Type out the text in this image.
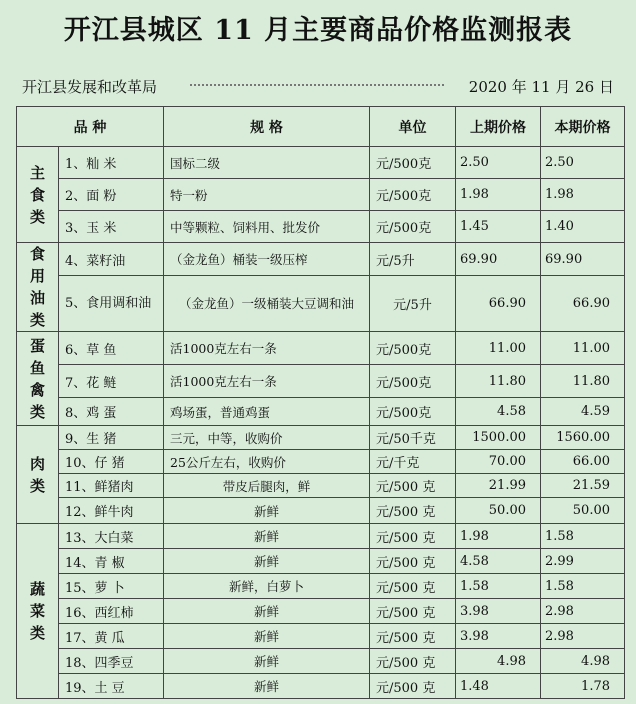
开江县城区 11 月主要商品价格监测报表
开江县发展和改革局	2020 年 11 月 26 日
品 种		规 格	单位	上期价格	本期价格

主
食
类	1、籼 米	国标二级	元/500克	2.50	2.50
	2、面 粉	特一粉	元/500克	1.98	1.98
	3、玉 米	中等颗粒、饲料用、批发价	元/500克	1.45	1.40

食
用
油
类	4、菜籽油	（金龙鱼）桶装一级压榨	元/5升	69.90	69.90
	5、食用调和油	（金龙鱼）一级桶装大豆调和油	元/5升	66.90	66.90

蛋
鱼
禽
类	6、草 鱼	活1000克左右一条	元/500克	11.00	11.00
	7、花 鲢	活1000克左右一条	元/500克	11.80	11.80
	8、鸡 蛋	鸡场蛋，普通鸡蛋	元/500克	4.58	4.59

肉
类	9、生 猪	三元，中等，收购价	元/50千克	1500.00	1560.00
	10、仔 猪	25公斤左右，收购价	元/千克	70.00	66.00
	11、鲜猪肉	带皮后腿肉，鲜	元/500 克	21.99	21.59
	12、鲜牛肉	新鲜	元/500 克	50.00	50.00

蔬
菜
类	13、大白菜	新鲜	元/500 克	1.98	1.58
	14、青 椒	新鲜	元/500 克	4.58	2.99
	15、萝 卜	新鲜，白萝卜	元/500 克	1.58	1.58
	16、西红柿	新鲜	元/500 克	3.98	2.98
	17、黄 瓜	新鲜	元/500 克	3.98	2.98
	18、四季豆	新鲜	元/500 克	4.98	4.98
	19、土 豆	新鲜	元/500 克	1.48	1.78
